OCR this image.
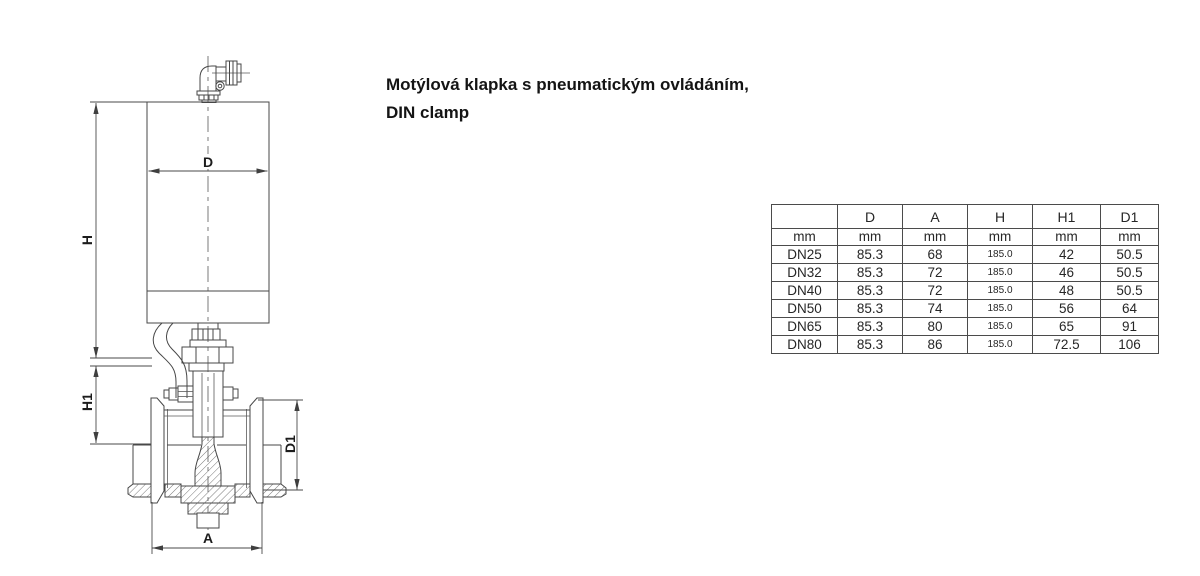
Motýlová klapka s pneumatickým ovládáním,
DIN clamp
D
H
H1
D1
A
	D	A	H	H1	D1
mm	mm	mm	mm	mm	mm
DN25	85.3	68	185.0	42	50.5
DN32	85.3	72	185.0	46	50.5
DN40	85.3	72	185.0	48	50.5
DN50	85.3	74	185.0	56	64
DN65	85.3	80	185.0	65	91
DN80	85.3	86	185.0	72.5	106
